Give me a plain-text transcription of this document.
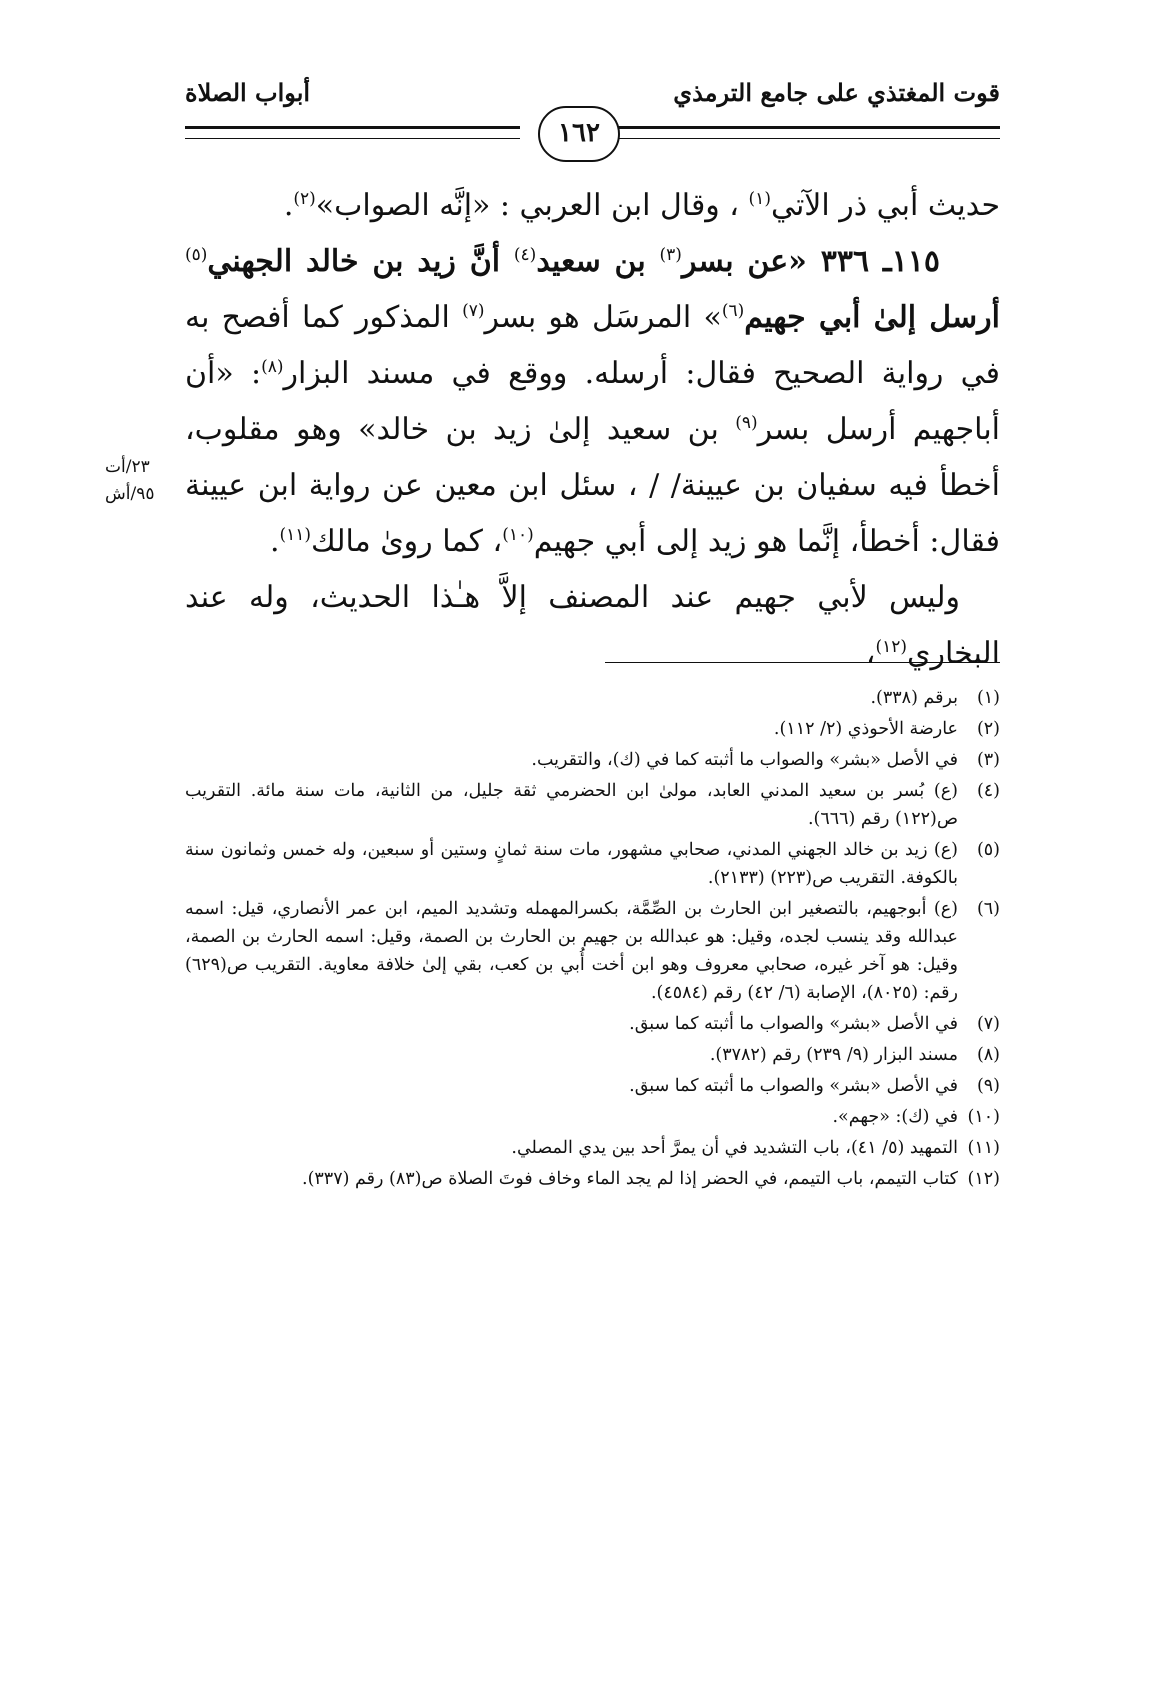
قوت المغتذي على جامع الترمذي
أبواب الصلاة
١٦٢

حديث أبي ذر الآتي$^{(١)}$ ، وقال ابن العربي : «إنَّه الصواب»$^{(٢)}$.

١١٥ـ ٣٣٦ «عن بسر$^{(٣)}$ بن سعيد$^{(٤)}$ أنَّ زيد بن خالد الجهني$^{(٥)}$ أرسل إلىٰ أبي جهيم$^{(٦)}$» المرسَل هو بسر$^{(٧)}$ المذكور كما أفصح به في رواية الصحيح فقال: أرسله. ووقع في مسند البزار$^{(٨)}$: «أن أباجهيم أرسل بسر$^{(٩)}$ بن سعيد إلىٰ زيد بن خالد» وهو مقلوب، أخطأ فيه سفيان بن عيينة/ / ، سئل ابن معين عن رواية ابن عيينة فقال: أخطأ، إنَّما هو زيد إلى أبي جهيم$^{(١٠)}$، كما روىٰ مالك$^{(١١)}$.

وليس لأبي جهيم عند المصنف إلاَّ هـٰذا الحديث، وله عند البخاري$^{(١٢)}$،

٢٣/أت
٩٥/أش
(١)
برقم (٣٣٨).
(٢)
عارضة الأحوذي (٢/ ١١٢).
(٣)
في الأصل «بشر» والصواب ما أثبته كما في (ك)، والتقريب.
(٤)
(ع) بُسر بن سعيد المدني العابد، مولىٰ ابن الحضرمي ثقة جليل، من الثانية، مات سنة مائة. التقريب ص(١٢٢) رقم (٦٦٦).
(٥)
(ع) زيد بن خالد الجهني المدني، صحابي مشهور، مات سنة ثمانٍ وستين أو سبعين، وله خمس وثمانون سنة بالكوفة. التقريب ص(٢٢٣) (٢١٣٣).
(٦)
(ع) أبوجهيم، بالتصغير ابن الحارث بن الصِّمَّة، بكسرالمهمله وتشديد الميم، ابن عمر الأنصاري، قيل: اسمه عبدالله وقد ينسب لجده، وقيل: هو عبدالله بن جهيم بن الحارث بن الصمة، وقيل: اسمه الحارث بن الصمة، وقيل: هو آخر غيره، صحابي معروف وهو ابن أخت أُبي بن كعب، بقي إلىٰ خلافة معاوية. التقريب ص(٦٢٩) رقم: (٨٠٢٥)، الإصابة (٦/ ٤٢) رقم (٤٥٨٤).
(٧)
في الأصل «بشر» والصواب ما أثبته كما سبق.
(٨)
مسند البزار (٩/ ٢٣٩) رقم (٣٧٨٢).
(٩)
في الأصل «بشر» والصواب ما أثبته كما سبق.
(١٠)
في (ك): «جهم».
(١١)
التمهيد (٥/ ٤١)، باب التشديد في أن يمرَّ أحد بين يدي المصلي.
(١٢)
كتاب التيمم، باب التيمم، في الحضر إذا لم يجد الماء وخاف فوتَ الصلاة ص(٨٣) رقم (٣٣٧).
